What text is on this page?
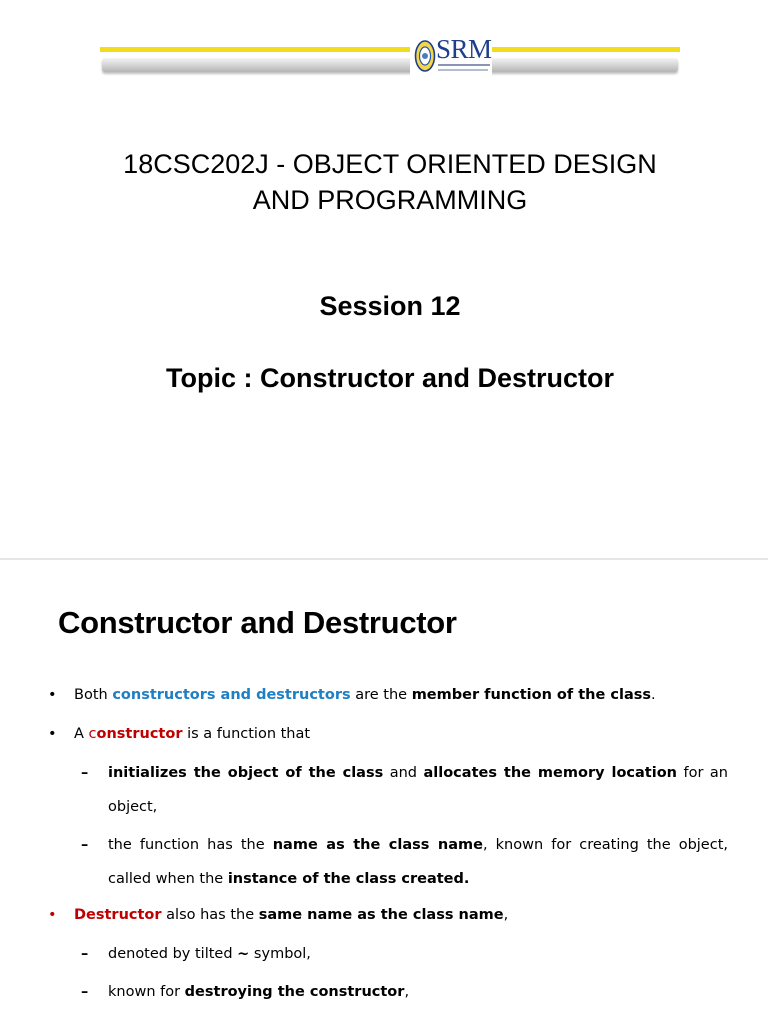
SRM
18CSC202J - OBJECT ORIENTED DESIGN
AND PROGRAMMING
Session 12
Topic : Constructor and Destructor
Constructor and Destructor
• Both constructors and destructors are the member function of the class.
• A constructor is a function that
– initializes the object of the class and allocates the memory location for an object,
– the function has the name as the class name, known for creating the object, called when the instance of the class created.
• Destructor also has the same name as the class name,
– denoted by tilted ~ symbol,
– known for destroying the constructor,
